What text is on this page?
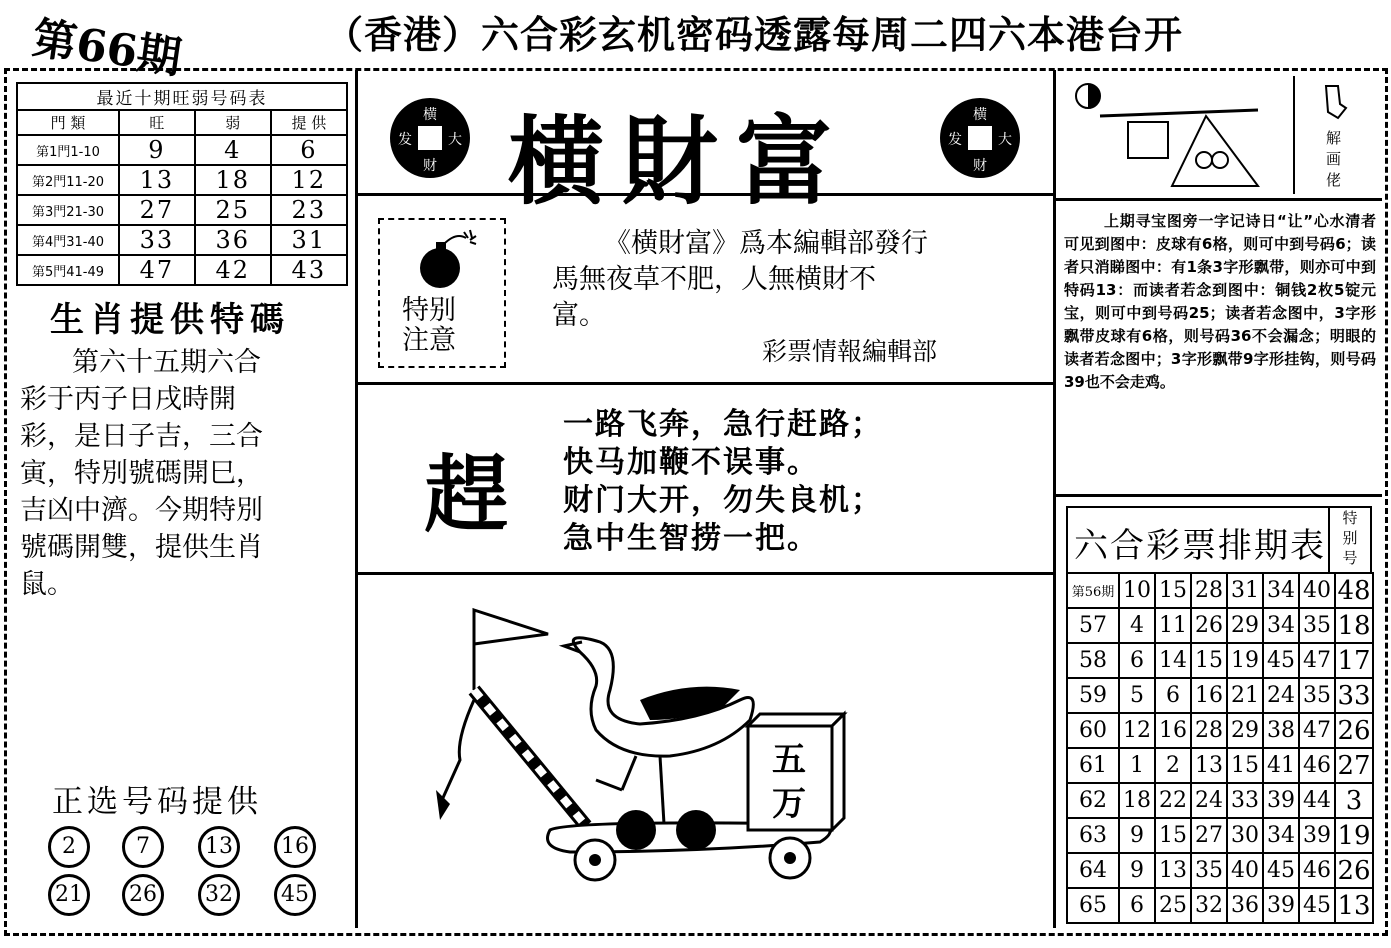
第66期	（香港）六合彩玄机密码透露每周二四六本港台开
最近十期旺弱号码表			
門 類	旺	弱	提 供
第1門1-10	9	4	6
第2門11-20	13	18	12
第3門21-30	27	25	23
第4門31-40	33	36	31
第5門41-49	47	42	43
生肖提供特碼
第六十五期六合
彩于丙子日戌時開
彩，是日子吉，三合
寅，特別號碼開巳，
吉凶中濟。今期特別
號碼開雙，提供生肖
鼠。
正选号码提供
2	7	13	16
21	26	32	45
横
发	大
财 横財富	横
发	大
财
特别
注意
《横財富》爲本編輯部發行
馬無夜草不肥，人無横財不
富。
彩票情報編輯部
趕
一路飞奔，急行赶路；
快马加鞭不误事。
财门大开，勿失良机；
急中生智捞一把。
五
万
解
画
佬
上期寻宝图旁一字记诗日“让”心水清者可见到图中：皮球有6格，则可中到号码6；读者只消睇图中：有1条3字形飘带，则亦可中到特码13：而读者若念到图中：铜钱2枚5锭元宝，则可中到号码25；读者若念图中，3字形飘带皮球有6格，则号码36不会漏念；明眼的读者若念图中；3字形飘带9字形挂钩，则号码39也不会走鸡。
六合彩票排期表
特
别
号
第56期	10	15	28	31	34	40	48
57	4	11	26	29	34	35	18
58	6	14	15	19	45	47	17
59	5	6	16	21	24	35	33
60	12	16	28	29	38	47	26
61	1	2	13	15	41	46	27
62	18	22	24	33	39	44	3
63	9	15	27	30	34	39	19
64	9	13	35	40	45	46	26
65	6	25	32	36	39	45	13
